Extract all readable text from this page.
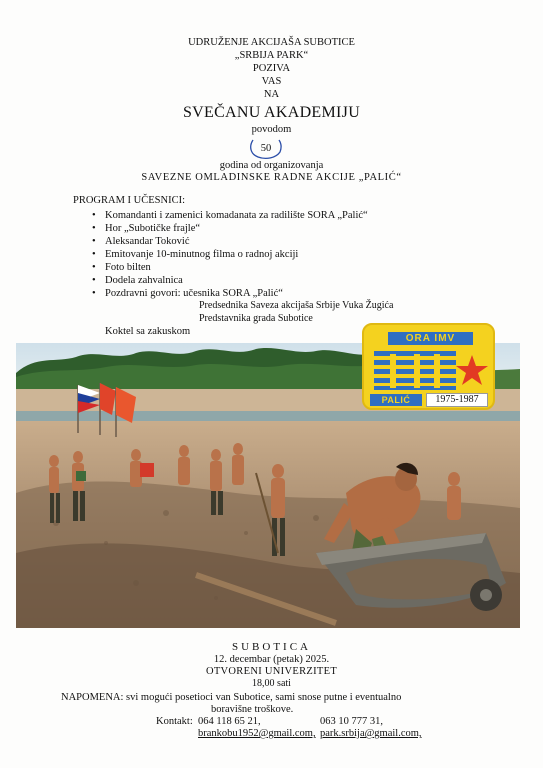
UDRUŽENJE AKCIJAŠA SUBOTICE
„SRBIJA PARK“
POZIVA
VAS
NA
SVEČANU AKADEMIJU
povodom
50
godina od organizovanja
SAVEZNE OMLADINSKE RADNE AKCIJE „PALIĆ“
PROGRAM I UČESNICI:
• Komandanti i zamenici komadanata za radilište SORA „Palić“
• Hor „Subotičke frajle“
• Aleksandar Toković
• Emitovanje 10-minutnog filma o radnoj akciji
• Foto bilten
• Dodela zahvalnica
• Pozdravni govori: učesnika SORA „Palić“
Predsednika Saveza akcijaša Srbije Vuka Žugića
Predstavnika grada Subotice
Koktel sa zakuskom
ORA IMV
PALIĆ	1975-1987
SUBOTICA
12. decembar (petak) 2025.
OTVORENI UNIVERZITET
18,00 sati
NAPOMENA: svi mogući posetioci van Subotice, sami snose putne i eventualno
boravišne troškove.
Kontakt: 064 118 65 21,	063 10 777 31,
brankobu1952@gmail.com, park.srbija@gmail.com,
